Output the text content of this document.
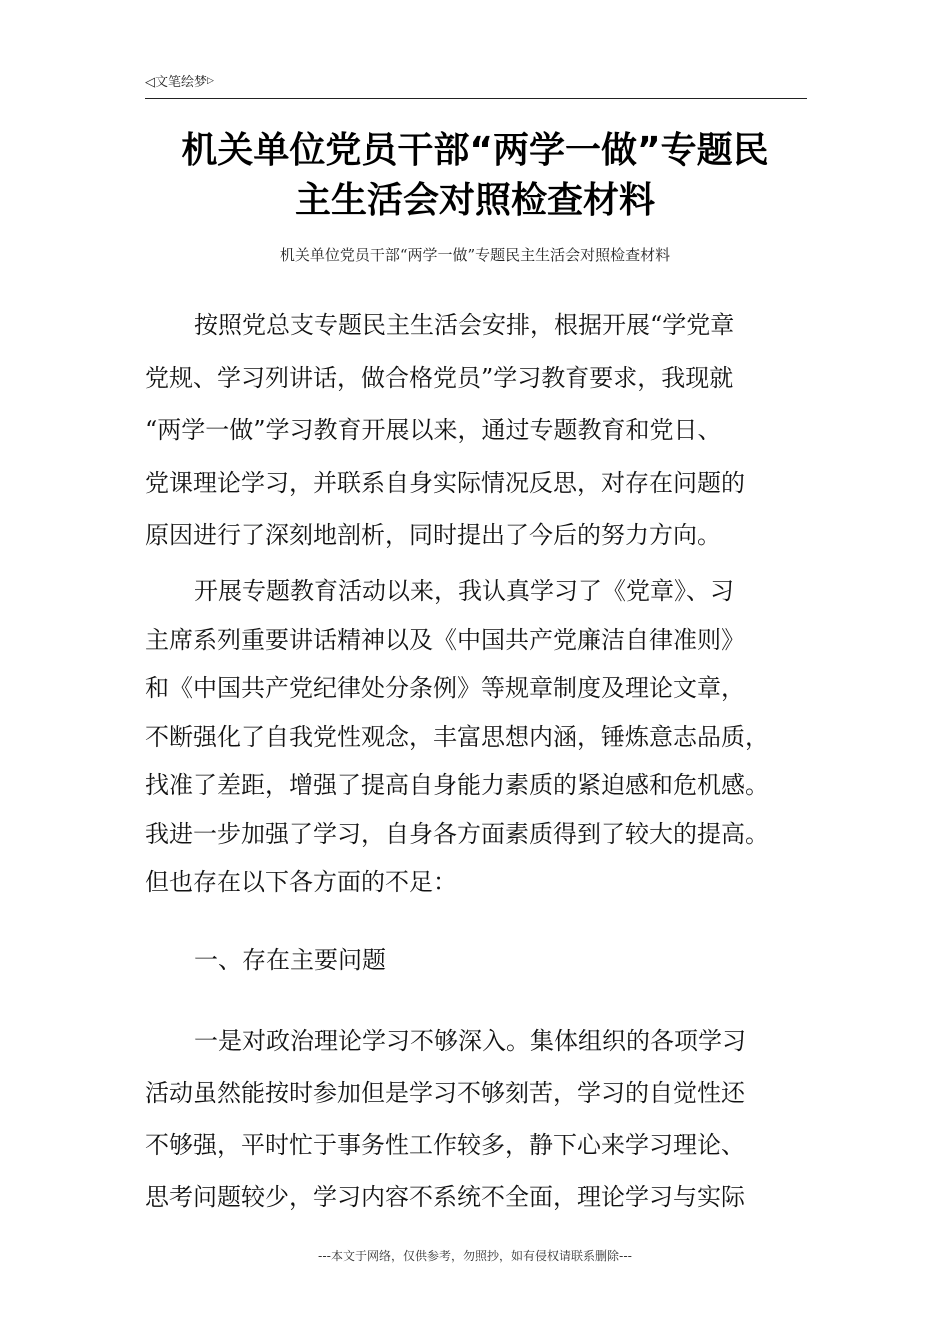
◁文笔绘梦▷
机关单位党员干部“两学一做”专题民
主生活会对照检查材料
机关单位党员干部“两学一做”专题民主生活会对照检查材料
按照党总支专题民主生活会安排，根据开展“学党章
党规、学习列讲话，做合格党员”学习教育要求，我现就
“两学一做”学习教育开展以来，通过专题教育和党日、
党课理论学习，并联系自身实际情况反思，对存在问题的
原因进行了深刻地剖析，同时提出了今后的努力方向。
开展专题教育活动以来，我认真学习了《党章》、习
主席系列重要讲话精神以及《中国共产党廉洁自律准则》
和《中国共产党纪律处分条例》等规章制度及理论文章，
不断强化了自我党性观念，丰富思想内涵，锤炼意志品质，
找准了差距，增强了提高自身能力素质的紧迫感和危机感。
我进一步加强了学习，自身各方面素质得到了较大的提高。
但也存在以下各方面的不足：
一、存在主要问题
一是对政治理论学习不够深入。集体组织的各项学习
活动虽然能按时参加但是学习不够刻苦，学习的自觉性还
不够强，平时忙于事务性工作较多，静下心来学习理论、
思考问题较少，学习内容不系统不全面，理论学习与实际
---本文于网络，仅供参考，勿照抄，如有侵权请联系删除---
